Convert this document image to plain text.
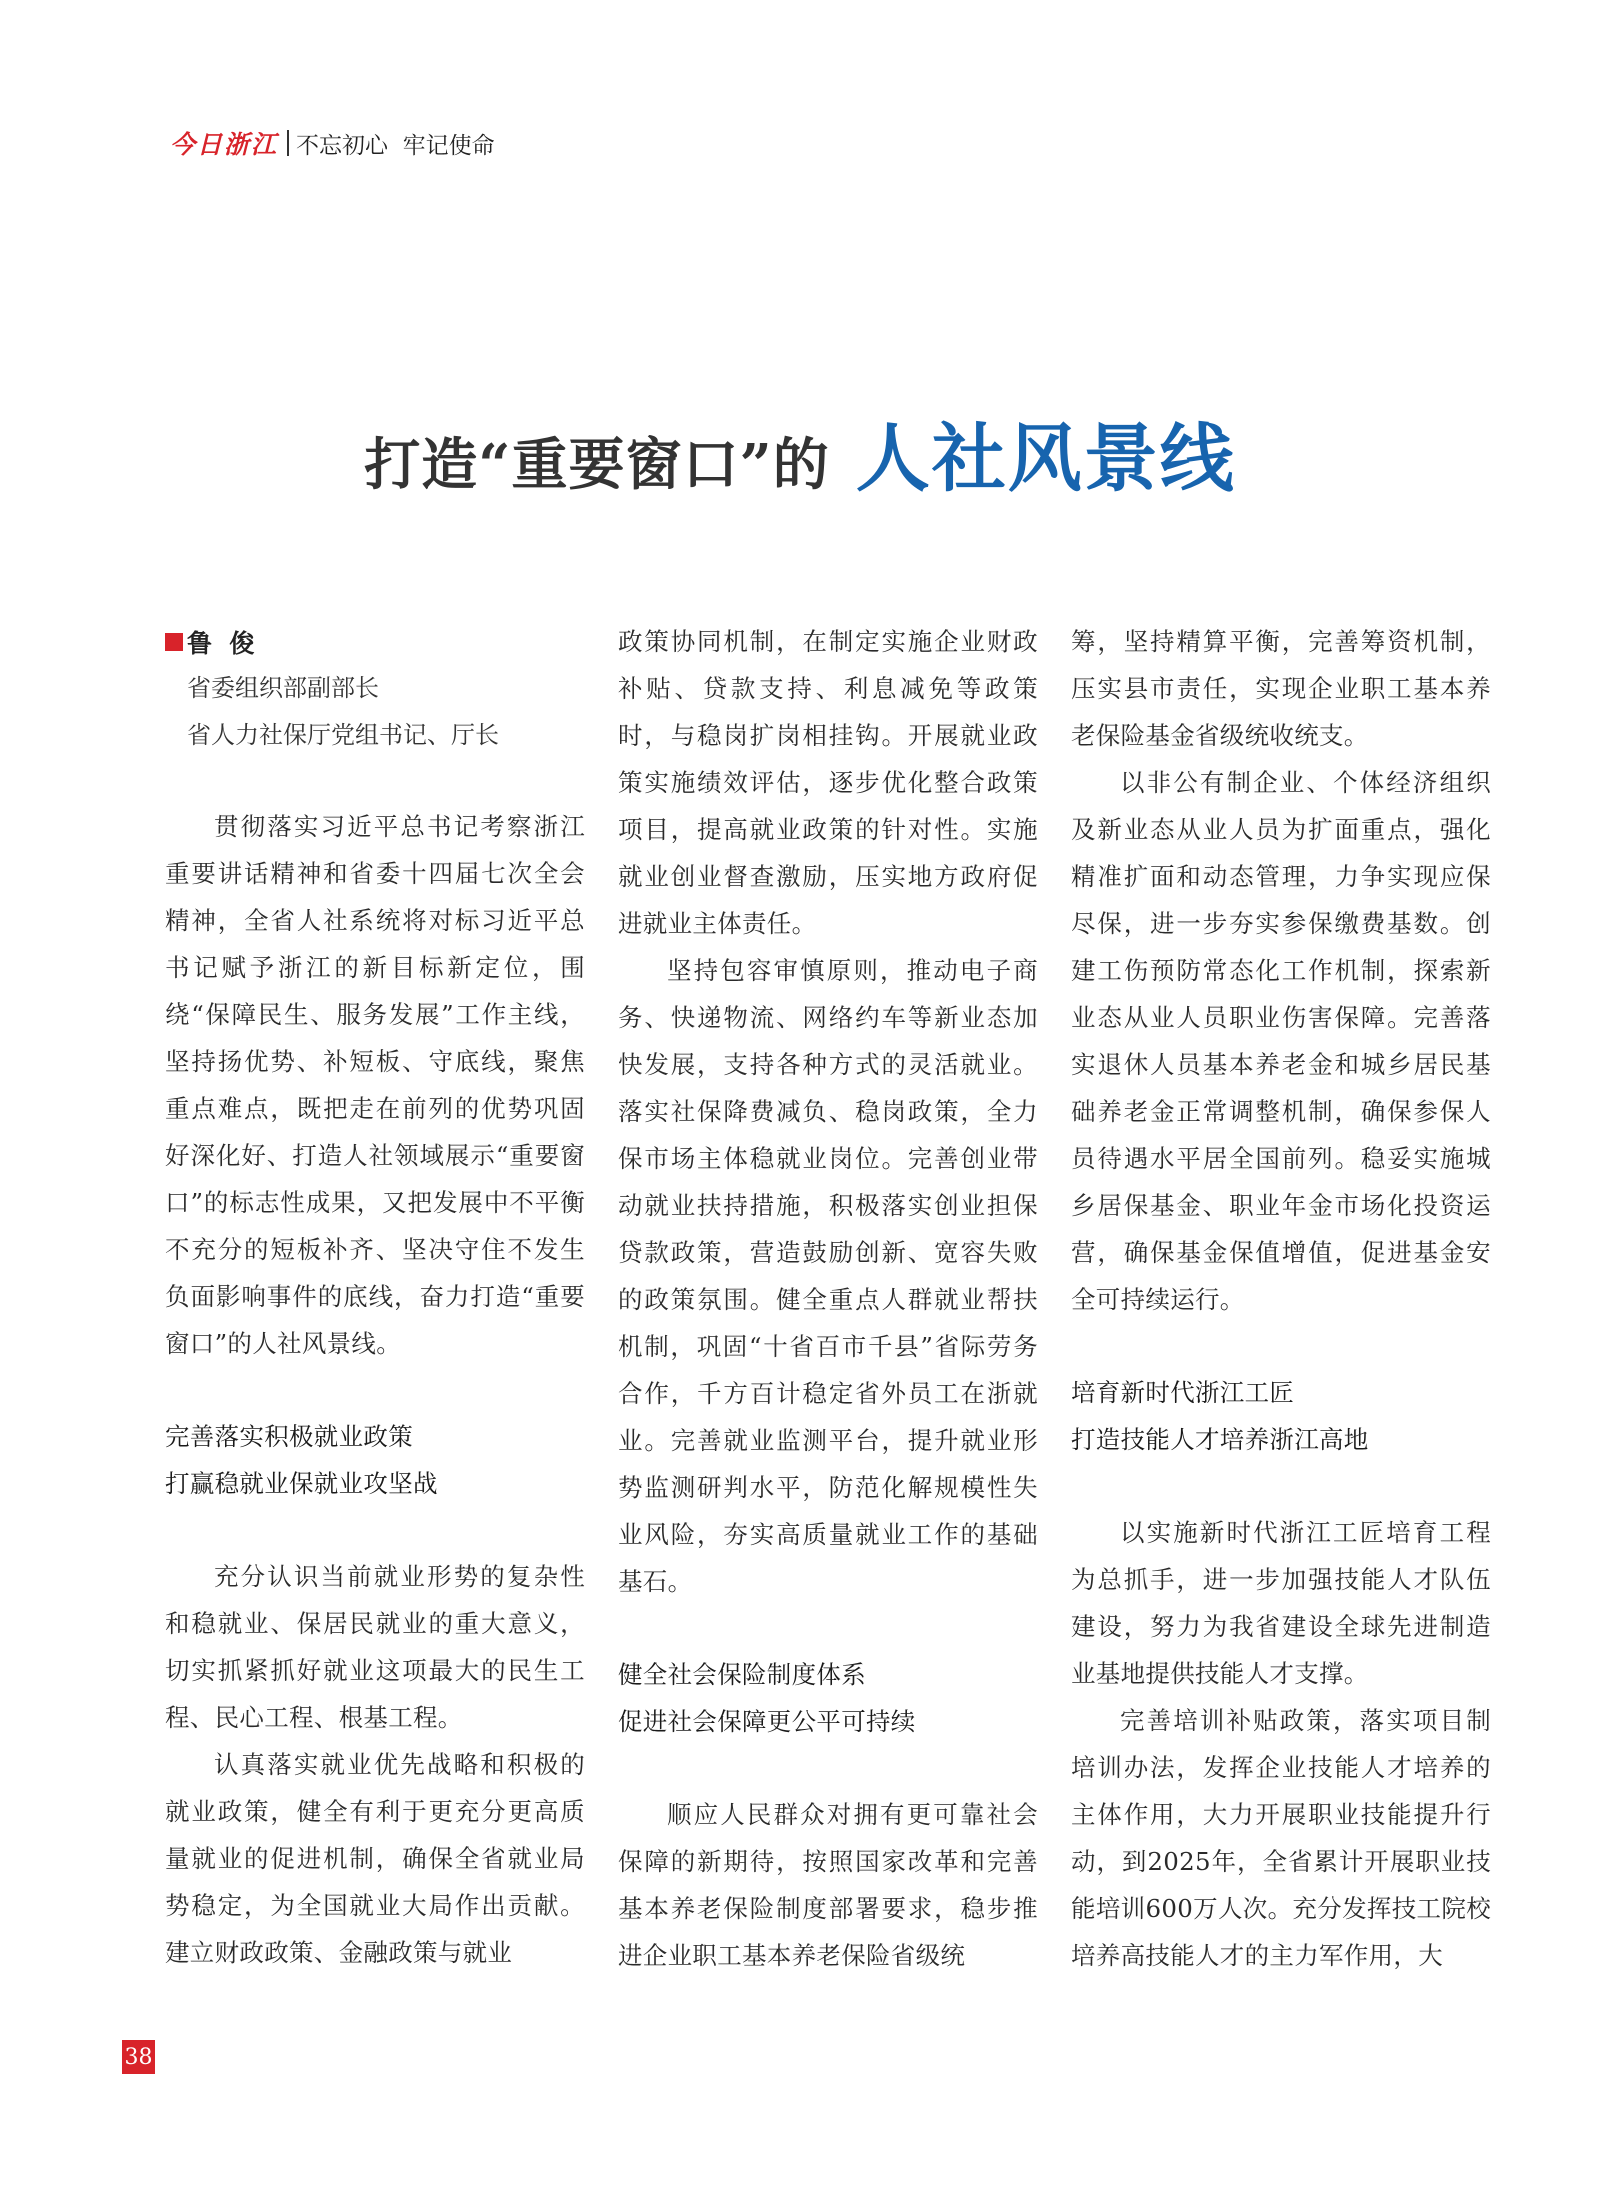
今日浙江 不忘初心  牢记使命
打造“重要窗口”的 人社风景线
鲁  俊
省委组织部副部长
省人力社保厅党组书记、厅长

贯彻落实习近平总书记考察浙江重要讲话精神和省委十四届七次全会精神，全省人社系统将对标习近平总书记赋予浙江的新目标新定位，围绕“保障民生、服务发展”工作主线，坚持扬优势、补短板、守底线，聚焦重点难点，既把走在前列的优势巩固好深化好、打造人社领域展示“重要窗口”的标志性成果，又把发展中不平衡不充分的短板补齐、坚决守住不发生负面影响事件的底线，奋力打造“重要窗口”的人社风景线。

完善落实积极就业政策
打赢稳就业保就业攻坚战

充分认识当前就业形势的复杂性和稳就业、保居民就业的重大意义，切实抓紧抓好就业这项最大的民生工程、民心工程、根基工程。

认真落实就业优先战略和积极的就业政策，健全有利于更充分更高质量就业的促进机制，确保全省就业局势稳定，为全国就业大局作出贡献。建立财政政策、金融政策与就业

政策协同机制，在制定实施企业财政补贴、贷款支持、利息减免等政策时，与稳岗扩岗相挂钩。开展就业政策实施绩效评估，逐步优化整合政策项目，提高就业政策的针对性。实施就业创业督查激励，压实地方政府促进就业主体责任。

坚持包容审慎原则，推动电子商务、快递物流、网络约车等新业态加快发展，支持各种方式的灵活就业。落实社保降费减负、稳岗政策，全力保市场主体稳就业岗位。完善创业带动就业扶持措施，积极落实创业担保贷款政策，营造鼓励创新、宽容失败的政策氛围。健全重点人群就业帮扶机制，巩固“十省百市千县”省际劳务合作，千方百计稳定省外员工在浙就业。完善就业监测平台，提升就业形势监测研判水平，防范化解规模性失业风险，夯实高质量就业工作的基础基石。

健全社会保险制度体系
促进社会保障更公平可持续

顺应人民群众对拥有更可靠社会保障的新期待，按照国家改革和完善基本养老保险制度部署要求，稳步推进企业职工基本养老保险省级统

筹，坚持精算平衡，完善筹资机制，压实县市责任，实现企业职工基本养老保险基金省级统收统支。

以非公有制企业、个体经济组织及新业态从业人员为扩面重点，强化精准扩面和动态管理，力争实现应保尽保，进一步夯实参保缴费基数。创建工伤预防常态化工作机制，探索新业态从业人员职业伤害保障。完善落实退休人员基本养老金和城乡居民基础养老金正常调整机制，确保参保人员待遇水平居全国前列。稳妥实施城乡居保基金、职业年金市场化投资运营，确保基金保值增值，促进基金安全可持续运行。

培育新时代浙江工匠
打造技能人才培养浙江高地

以实施新时代浙江工匠培育工程为总抓手，进一步加强技能人才队伍建设，努力为我省建设全球先进制造业基地提供技能人才支撑。

完善培训补贴政策，落实项目制培训办法，发挥企业技能人才培养的主体作用，大力开展职业技能提升行动，到2025年，全省累计开展职业技能培训600万人次。充分发挥技工院校培养高技能人才的主力军作用，大

38
